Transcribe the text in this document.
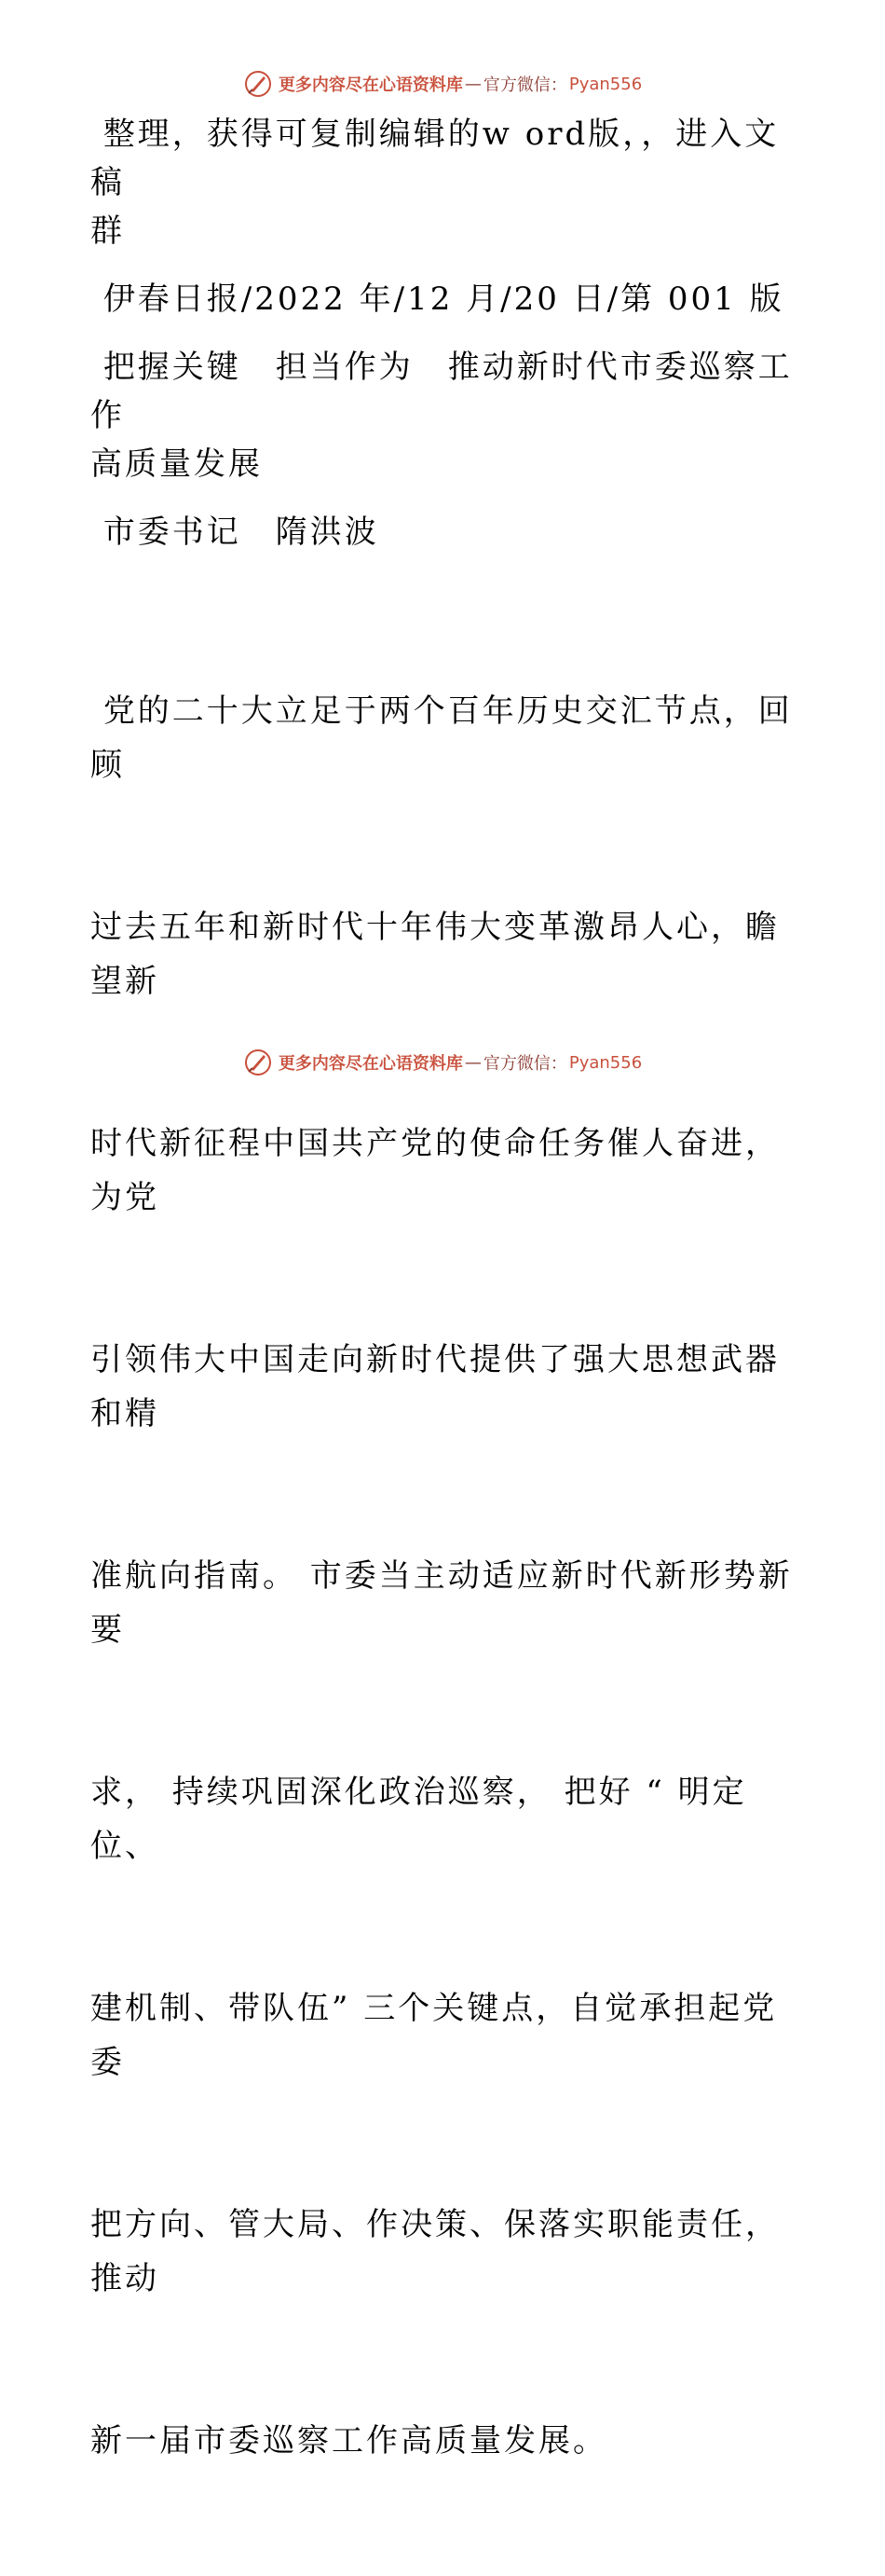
更多内容尽在心语资料库 — 官方微信： Pyan556

整理，获得可复制编辑的w ord版，，进入文稿
群

伊春日报/2022 年/12 月/20 日/第 001 版

把握关键　担当作为　推动新时代市委巡察工作
高质量发展

市委书记　隋洪波

党的二十大立足于两个百年历史交汇节点，回顾

过去五年和新时代十年伟大变革激昂人心，瞻望新

时代新征程中国共产党的使命任务催人奋进，为党

引领伟大中国走向新时代提供了强大思想武器和精

准航向指南。 市委当主动适应新时代新形势新要

求， 持续巩固深化政治巡察， 把好 “ 明定位、

建机制、带队伍” 三个关键点，自觉承担起党委

把方向、管大局、作决策、保落实职能责任，推动

新一届市委巡察工作高质量发展。

更多内容尽在心语资料库 — 官方微信： Pyan556
